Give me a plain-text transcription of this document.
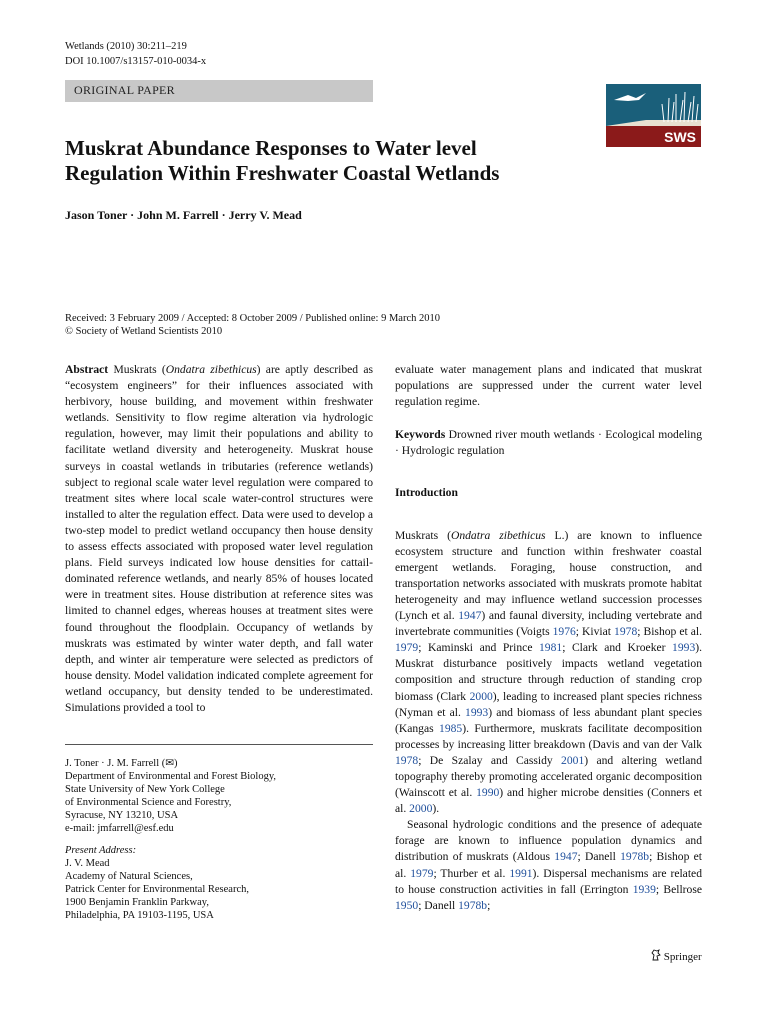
Wetlands (2010) 30:211–219
DOI 10.1007/s13157-010-0034-x
ORIGINAL PAPER
SWS
Muskrat Abundance Responses to Water level Regulation Within Freshwater Coastal Wetlands
Jason Toner · John M. Farrell · Jerry V. Mead
Received: 3 February 2009 / Accepted: 8 October 2009 / Published online: 9 March 2010
© Society of Wetland Scientists 2010

Abstract Muskrats (Ondatra zibethicus) are aptly described as “ecosystem engineers” for their influences associated with herbivory, house building, and movement within freshwater wetlands. Sensitivity to flow regime alteration via hydrologic regulation, however, may limit their populations and ability to facilitate wetland diversity and heterogeneity. Muskrat house surveys in coastal wetlands in tributaries (reference wetlands) subject to regional scale water level regulation were compared to treatment sites where local scale water-control structures were installed to alter the regulation effect. Data were used to develop a two-step model to predict wetland occupancy then house density to assess effects associated with proposed water level regulation plans. Field surveys indicated low house densities for cattail-dominated reference wetlands, and nearly 85% of houses located were in treatment sites. House distribution at reference sites was limited to channel edges, whereas houses at treatment sites were found throughout the floodplain. Occupancy of wetlands by muskrats was estimated by winter water depth, and fall water depth, and winter air temperature were selected as predictors of house density. Model validation indicated complete agreement for wetland occupancy, but density tended to be underestimated. Simulations provided a tool to

J. Toner · J. M. Farrell (✉)
Department of Environmental and Forest Biology,
State University of New York College
of Environmental Science and Forestry,
Syracuse, NY 13210, USA
e-mail: jmfarrell@esf.edu
Present Address:
J. V. Mead
Academy of Natural Sciences,
Patrick Center for Environmental Research,
1900 Benjamin Franklin Parkway,
Philadelphia, PA 19103-1195, USA

evaluate water management plans and indicated that muskrat populations are suppressed under the current water level regulation regime.

Keywords Drowned river mouth wetlands · Ecological modeling · Hydrologic regulation

Introduction

Muskrats (Ondatra zibethicus L.) are known to influence ecosystem structure and function within freshwater coastal emergent wetlands. Foraging, house construction, and transportation networks associated with muskrats promote habitat heterogeneity and may influence wetland succession processes (Lynch et al. 1947) and faunal diversity, including vertebrate and invertebrate communities (Voigts 1976; Kiviat 1978; Bishop et al. 1979; Kaminski and Prince 1981; Clark and Kroeker 1993). Muskrat disturbance positively impacts wetland vegetation composition and structure through reduction of standing crop biomass (Clark 2000), leading to increased plant species richness (Nyman et al. 1993) and biomass of less abundant plant species (Kangas 1985). Furthermore, muskrats facilitate decomposition processes by increasing litter breakdown (Davis and van der Valk 1978; De Szalay and Cassidy 2001) and altering wetland topography thereby promoting accelerated organic decomposition (Wainscott et al. 1990) and higher microbe densities (Conners et al. 2000).

Seasonal hydrologic conditions and the presence of adequate forage are known to influence population dynamics and distribution of muskrats (Aldous 1947; Danell 1978b; Bishop et al. 1979; Thurber et al. 1991). Dispersal mechanisms are related to house construction activities in fall (Errington 1939; Bellrose 1950; Danell 1978b;

Springer
